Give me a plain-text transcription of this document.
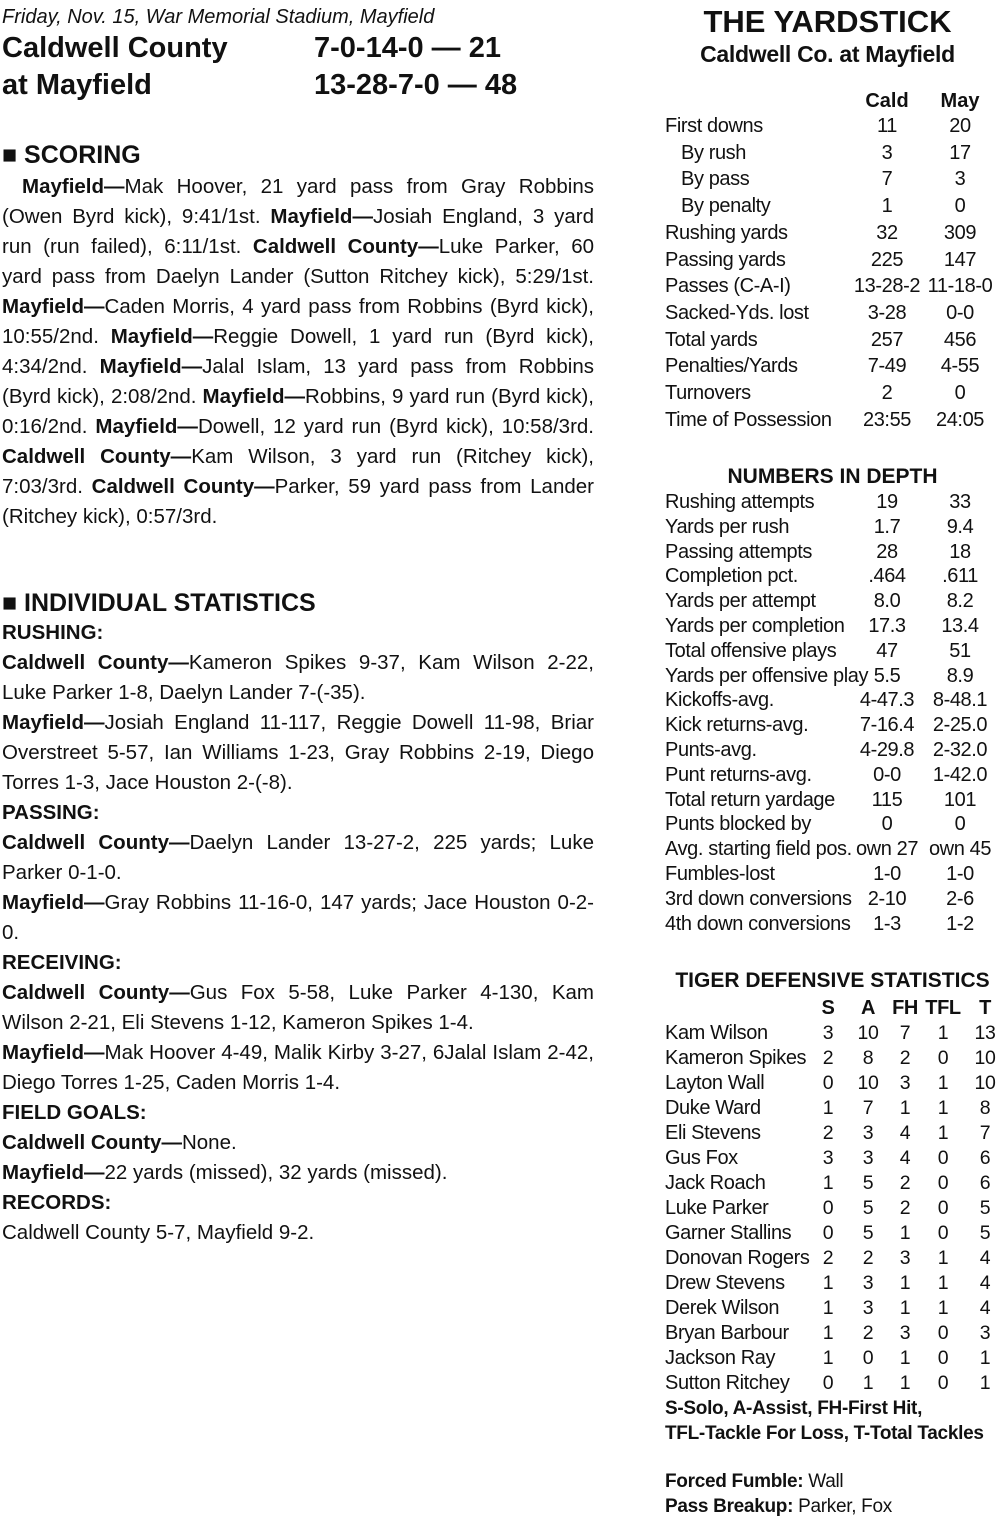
Friday, Nov. 15, War Memorial Stadium, Mayfield
Caldwell County	7-0-14-0 — 21
at Mayfield	13-28-7-0 — 48
■ SCORING
Mayfield—Mak Hoover, 21 yard pass from Gray Robbins (Owen Byrd kick), 9:41/1st. Mayfield—Josiah England, 3 yard run (run failed), 6:11/1st. Caldwell County—Luke Parker, 60 yard pass from Daelyn Lander (Sutton Ritchey kick), 5:29/1st. Mayfield—Caden Morris, 4 yard pass from Robbins (Byrd kick), 10:55/2nd. Mayfield—Reggie Dowell, 1 yard run (Byrd kick), 4:34/2nd. Mayfield—Jalal Islam, 13 yard pass from Robbins (Byrd kick), 2:08/2nd. Mayfield—Robbins, 9 yard run (Byrd kick), 0:16/2nd. Mayfield—Dowell, 12 yard run (Byrd kick), 10:58/3rd. Caldwell County—Kam Wilson, 3 yard run (Ritchey kick), 7:03/3rd. Caldwell County—Parker, 59 yard pass from Lander (Ritchey kick), 0:57/3rd.
■ INDIVIDUAL STATISTICS
RUSHING:
Caldwell County—Kameron Spikes 9-37, Kam Wilson 2-22, Luke Parker 1-8, Daelyn Lander 7-(-35).
Mayfield—Josiah England 11-117, Reggie Dowell 11-98, Briar Overstreet 5-57, Ian Williams 1-23, Gray Robbins 2-19, Diego Torres 1-3, Jace Houston 2-(-8).
PASSING:
Caldwell County—Daelyn Lander 13-27-2, 225 yards; Luke Parker 0-1-0.
Mayfield—Gray Robbins 11-16-0, 147 yards; Jace Houston 0-2-0.
RECEIVING:
Caldwell County—Gus Fox 5-58, Luke Parker 4-130, Kam Wilson 2-21, Eli Stevens 1-12, Kameron Spikes 1-4.
Mayfield—Mak Hoover 4-49, Malik Kirby 3-27, 6Jalal Islam 2-42, Diego Torres 1-25, Caden Morris 1-4.
FIELD GOALS:
Caldwell County—None.
Mayfield—22 yards (missed), 32 yards (missed).
RECORDS:
Caldwell County 5-7, Mayfield 9-2.
THE YARDSTICK
Caldwell Co. at Mayfield
Cald	May
First downs	11	20
By rush	3	17
By pass	7	3
By penalty	1	0
Rushing yards	32	309
Passing yards	225	147
Passes (C-A-I)	13-28-2 11-18-0
Sacked-Yds. lost	3-28	0-0
Total yards	257	456
Penalties/Yards	7-49	4-55
Turnovers	2	0
Time of Possession	23:55	24:05
NUMBERS IN DEPTH
Rushing attempts	19	33
Yards per rush	1.7	9.4
Passing attempts	28	18
Completion pct.	.464	.611
Yards per attempt	8.0	8.2
Yards per completion	17.3	13.4
Total offensive plays	47	51
Yards per offensive play 5.5	8.9
Kickoffs-avg.	4-47.3 8-48.1
Kick returns-avg.	7-16.4 2-25.0
Punts-avg.	4-29.8 2-32.0
Punt returns-avg.	0-0	1-42.0
Total return yardage	115	101
Punts blocked by	0	0
Avg. starting field pos. own 27 own 45
Fumbles-lost	1-0	1-0
3rd down conversions 2-10	2-6
4th down conversions	1-3	1-2
TIGER DEFENSIVE STATISTICS
S	A FH TFL T
Kam Wilson	3	10	7	1	13
Kameron Spikes 2	8	2	0	10
Layton Wall	0	10	3	1	10
Duke Ward	1	7	1	1	8
Eli Stevens	2	3	4	1	7
Gus Fox	3	3	4	0	6
Jack Roach	1	5	2	0	6
Luke Parker	0	5	2	0	5
Garner Stallins	0	5	1	0	5
Donovan Rogers 2	2	3	1	4
Drew Stevens	1	3	1	1	4
Derek Wilson	1	3	1	1	4
Bryan Barbour	1	2	3	0	3
Jackson Ray	1	0	1	0	1
Sutton Ritchey	0	1	1	0	1
S-Solo, A-Assist, FH-First Hit,
TFL-Tackle For Loss, T-Total Tackles
Forced Fumble: Wall
Pass Breakup: Parker, Fox
